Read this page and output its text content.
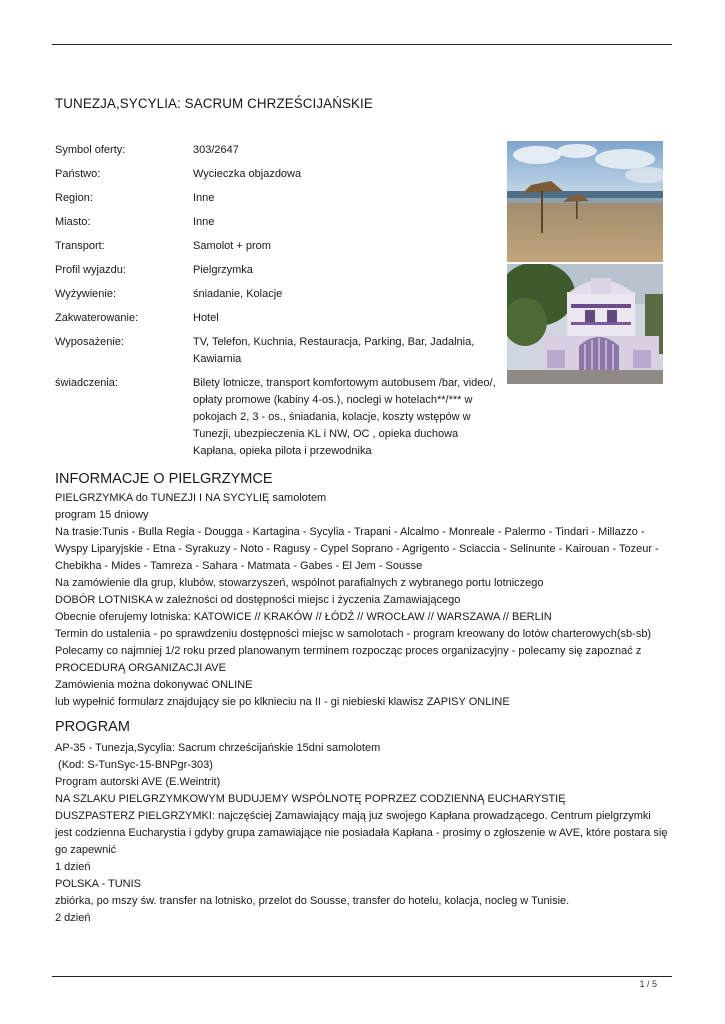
TUNEZJA,SYCYLIA: SACRUM CHRZEŚCIJAŃSKIE
Symbol oferty:	303/2647
Państwo:	Wycieczka objazdowa
Region:	Inne
Miasto:	Inne
Transport:	Samolot + prom
Profil wyjazdu:	Pielgrzymka
Wyżywienie:	śniadanie, Kolacje
Zakwaterowanie:	Hotel
Wyposażenie:	TV, Telefon, Kuchnia, Restauracja, Parking, Bar, Jadalnia, Kawiarnia
świadczenia:	Bilety lotnicze, transport komfortowym autobusem /bar, video/, opłaty promowe (kabiny 4-os.), noclegi w hotelach**/*** w pokojach 2, 3 - os., śniadania, kolacje, koszty wstępów w Tunezji, ubezpieczenia KL i NW, OC , opieka duchowa Kapłana, opieka pilota i przewodnika
INFORMACJE O PIELGRZYMCE

PIELGRZYMKA do TUNEZJI I NA SYCYLIĘ samolotem

program 15 dniowy

Na trasie:Tunis - Bulla Regia - Dougga - Kartagina - Sycylia - Trapani - Alcalmo - Monreale - Palermo - Tindari - Millazzo - Wyspy Liparyjskie - Etna - Syrakuzy - Noto - Ragusy - Cypel Soprano - Agrigento - Sciaccia - Selinunte - Kairouan - Tozeur - Chebikha - Mides - Tamreza - Sahara - Matmata - Gabes - El Jem - Sousse

Na zamówienie dla grup, klubów, stowarzyszeń, wspólnot parafialnych z wybranego portu lotniczego

DOBÓR LOTNISKA w zależności od dostępności miejsc i życzenia Zamawiającego

Obecnie oferujemy lotniska: KATOWICE // KRAKÓW // ŁÓDŹ // WROCŁAW // WARSZAWA // BERLIN

Termin do ustalenia - po sprawdzeniu dostępności miejsc w samolotach - program kreowany do lotów charterowych(sb-sb)

Polecamy co najmniej 1/2 roku przed planowanym terminem rozpocząc proces organizacyjny - polecamy się zapoznać z PROCEDURĄ ORGANIZACJI AVE

Zamówienia można dokonywać ONLINE

lub wypełnić formularz znajdujący sie po klknieciu na II - gi niebieski klawisz ZAPISY ONLINE

PROGRAM

AP-35 - Tunezja,Sycylia: Sacrum chrześcijańskie 15dni samolotem

(Kod: S-TunSyc-15-BNPgr-303)

Program autorski AVE (E.Weintrit)

NA SZLAKU PIELGRZYMKOWYM BUDUJEMY WSPÓLNOTĘ POPRZEZ CODZIENNĄ EUCHARYSTIĘ

DUSZPASTERZ PIELGRZYMKI: najczęściej Zamawiający mają juz swojego Kapłana prowadzącego. Centrum pielgrzymki jest codzienna Eucharystia i gdyby grupa zamawiające nie posiadała Kapłana - prosimy o zgłoszenie w AVE, które postara się go zapewnić

1 dzień

POLSKA - TUNIS

zbiórka, po mszy św. transfer na lotnisko, przelot do Sousse, transfer do hotelu, kolacja, nocleg w Tunisie.

2 dzień

1 / 5
